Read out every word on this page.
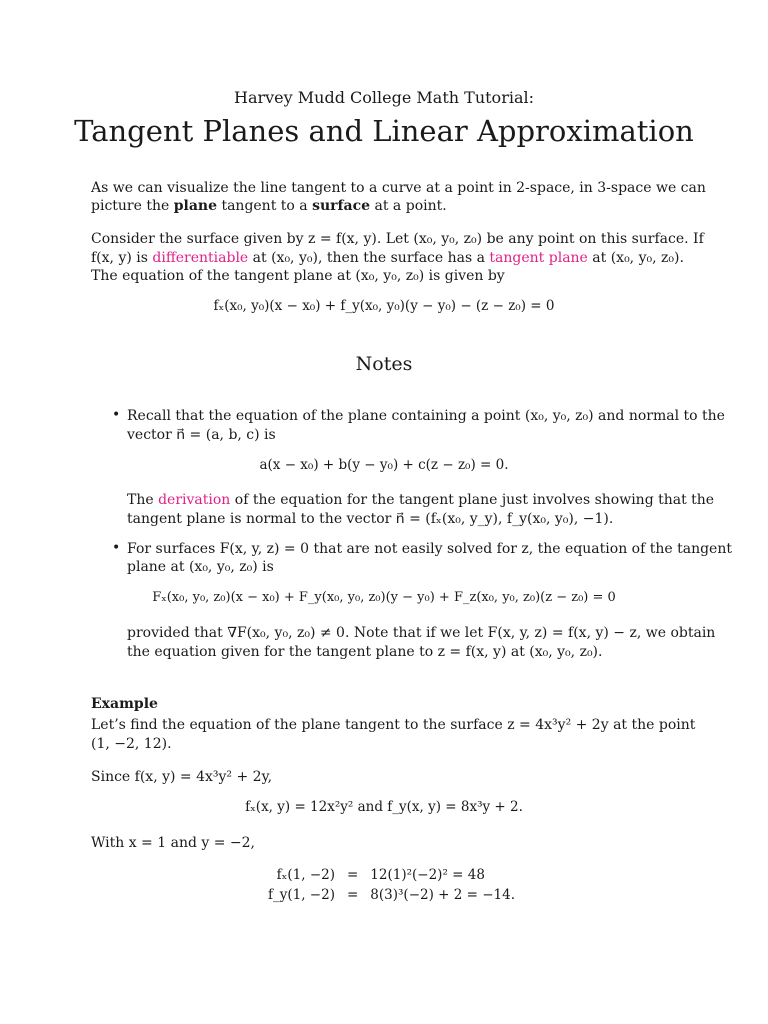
Harvey Mudd College Math Tutorial:
Tangent Planes and Linear Approximation
As we can visualize the line tangent to a curve at a point in 2-space, in 3-space we can
picture the plane tangent to a surface at a point.
Consider the surface given by z = f(x, y). Let (x₀, y₀, z₀) be any point on this surface. If
f(x, y) is differentiable at (x₀, y₀), then the surface has a tangent plane at (x₀, y₀, z₀).
The equation of the tangent plane at (x₀, y₀, z₀) is given by
fₓ(x₀, y₀)(x − x₀) + f_y(x₀, y₀)(y − y₀) − (z − z₀) = 0
Notes
• Recall that the equation of the plane containing a point (x₀, y₀, z₀) and normal to the
vector n⃗ = (a, b, c) is
a(x − x₀) + b(y − y₀) + c(z − z₀) = 0.
The derivation of the equation for the tangent plane just involves showing that the
tangent plane is normal to the vector n⃗ = (fₓ(x₀, y_y), f_y(x₀, y₀), −1).
• For surfaces F(x, y, z) = 0 that are not easily solved for z, the equation of the tangent
plane at (x₀, y₀, z₀) is
Fₓ(x₀, y₀, z₀)(x − x₀) + F_y(x₀, y₀, z₀)(y − y₀) + F_z(x₀, y₀, z₀)(z − z₀) = 0
provided that ∇F(x₀, y₀, z₀) ≠ 0. Note that if we let F(x, y, z) = f(x, y) − z, we obtain
the equation given for the tangent plane to z = f(x, y) at (x₀, y₀, z₀).
Example
Let’s find the equation of the plane tangent to the surface z = 4x³y² + 2y at the point
(1, −2, 12).
Since f(x, y) = 4x³y² + 2y,
fₓ(x, y) = 12x²y² and f_y(x, y) = 8x³y + 2.
With x = 1 and y = −2,
fₓ(1, −2)	=	12(1)²(−2)² = 48
f_y(1, −2)	=	8(3)³(−2) + 2 = −14.
